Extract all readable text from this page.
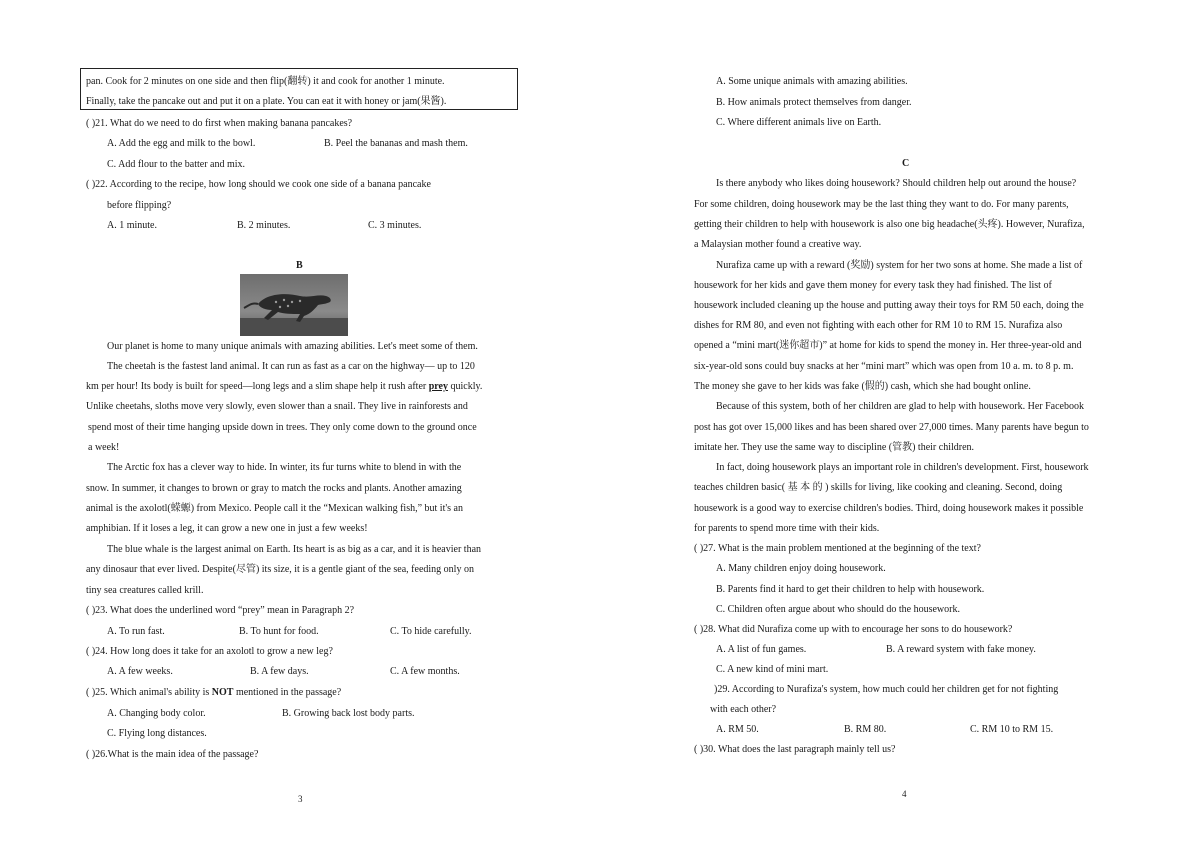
pan. Cook for 2 minutes on one side and then flip(翻转) it and cook for another 1 minute.
Finally, take the pancake out and put it on a plate. You can eat it with honey or jam(果酱).
( )21. What do we need to do first when making banana pancakes?
A. Add the egg and milk to the bowl.	B. Peel the bananas and mash them.
C. Add flour to the batter and mix.
( )22. According to the recipe, how long should we cook one side of a banana pancake
before flipping?
A. 1 minute.	B. 2 minutes.	C. 3 minutes.
B
Our planet is home to many unique animals with amazing abilities. Let's meet some of them.
The cheetah is the fastest land animal. It can run as fast as a car on the highway— up to 120
km per hour! Its body is built for speed—long legs and a slim shape help it rush after prey quickly.
Unlike cheetahs, sloths move very slowly, even slower than a snail. They live in rainforests and
spend most of their time hanging upside down in trees. They only come down to the ground once
a week!
The Arctic fox has a clever way to hide. In winter, its fur turns white to blend in with the
snow. In summer, it changes to brown or gray to match the rocks and plants. Another amazing
animal is the axolotl(蝾螈) from Mexico. People call it the “Mexican walking fish,” but it's an
amphibian. If it loses a leg, it can grow a new one in just a few weeks!
The blue whale is the largest animal on Earth. Its heart is as big as a car, and it is heavier than
any dinosaur that ever lived. Despite(尽管) its size, it is a gentle giant of the sea, feeding only on
tiny sea creatures called krill.
( )23. What does the underlined word “prey” mean in Paragraph 2?
A. To run fast.	B. To hunt for food.	C. To hide carefully.
( )24. How long does it take for an axolotl to grow a new leg?
A. A few weeks.	B. A few days.	C. A few months.
( )25. Which animal's ability is NOT mentioned in the passage?
A. Changing body color.	B. Growing back lost body parts.
C. Flying long distances.
( )26.What is the main idea of the passage?
3
A. Some unique animals with amazing abilities.
B. How animals protect themselves from danger.
C. Where different animals live on Earth.
C
Is there anybody who likes doing housework? Should children help out around the house?
For some children, doing housework may be the last thing they want to do. For many parents,
getting their children to help with housework is also one big headache(头疼). However, Nurafiza,
a Malaysian mother found a creative way.
Nurafiza came up with a reward (奖励) system for her two sons at home. She made a list of
housework for her kids and gave them money for every task they had finished. The list of
housework included cleaning up the house and putting away their toys for RM 50 each, doing the
dishes for RM 80, and even not fighting with each other for RM 10 to RM 15. Nurafiza also
opened a “mini mart(迷你超市)” at home for kids to spend the money in. Her three-year-old and
six-year-old sons could buy snacks at her “mini mart” which was open from 10 a. m. to 8 p. m.
The money she gave to her kids was fake (假的) cash, which she had bought online.
Because of this system, both of her children are glad to help with housework. Her Facebook
post has got over 15,000 likes and has been shared over 27,000 times. Many parents have begun to
imitate her. They use the same way to discipline (管教) their children.
In fact, doing housework plays an important role in children's development. First, housework
teaches children basic( 基 本 的 ) skills for living, like cooking and cleaning. Second, doing
housework is a good way to exercise children's bodies. Third, doing housework makes it possible
for parents to spend more time with their kids.
( )27. What is the main problem mentioned at the beginning of the text?
A. Many children enjoy doing housework.
B. Parents find it hard to get their children to help with housework.
C. Children often argue about who should do the housework.
( )28. What did Nurafiza come up with to encourage her sons to do housework?
A. A list of fun games.	B. A reward system with fake money.
C. A new kind of mini mart.
)29. According to Nurafiza's system, how much could her children get for not fighting
with each other?
A. RM 50.	B. RM 80.	C. RM 10 to RM 15.
( )30. What does the last paragraph mainly tell us?
4
